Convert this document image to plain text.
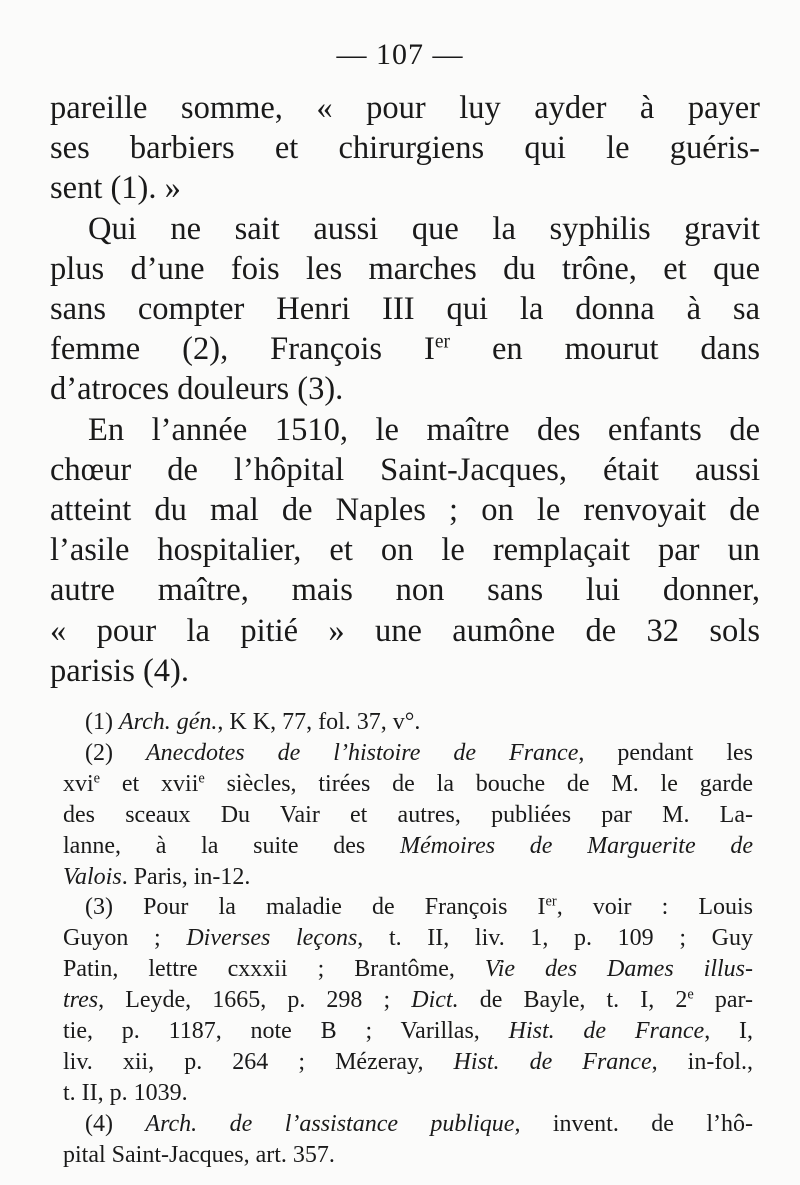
— 107 —
pareille somme, « pour luy ayder à payer
ses barbiers et chirurgiens qui le guéris-
sent (1). »
Qui ne sait aussi que la syphilis gravit
plus d’une fois les marches du trône, et que
sans compter Henri III qui la donna à sa
femme (2), François Ier en mourut dans
d’atroces douleurs (3).
En l’année 1510, le maître des enfants de
chœur de l’hôpital Saint-Jacques, était aussi
atteint du mal de Naples ; on le renvoyait de
l’asile hospitalier, et on le remplaçait par un
autre maître, mais non sans lui donner,
« pour la pitié » une aumône de 32 sols
parisis (4).
(1) Arch. gén., K K, 77, fol. 37, v°.
(2) Anecdotes de l’histoire de France, pendant les
xvi$^e$ et xvii$^e$ siècles, tirées de la bouche de M. le garde
des sceaux Du Vair et autres, publiées par M. La-
lanne, à la suite des Mémoires de Marguerite de
Valois. Paris, in-12.
(3) Pour la maladie de François Ier, voir : Louis
Guyon ; Diverses leçons, t. II, liv. 1, p. 109 ; Guy
Patin, lettre cxxxii ; Brantôme, Vie des Dames illus-
tres, Leyde, 1665, p. 298 ; Dict. de Bayle, t. I, 2e par-
tie, p. 1187, note B ; Varillas, Hist. de France, I,
liv. xii, p. 264 ; Mézeray, Hist. de France, in-fol.,
t. II, p. 1039.
(4) Arch. de l’assistance publique, invent. de l’hô-
pital Saint-Jacques, art. 357.
